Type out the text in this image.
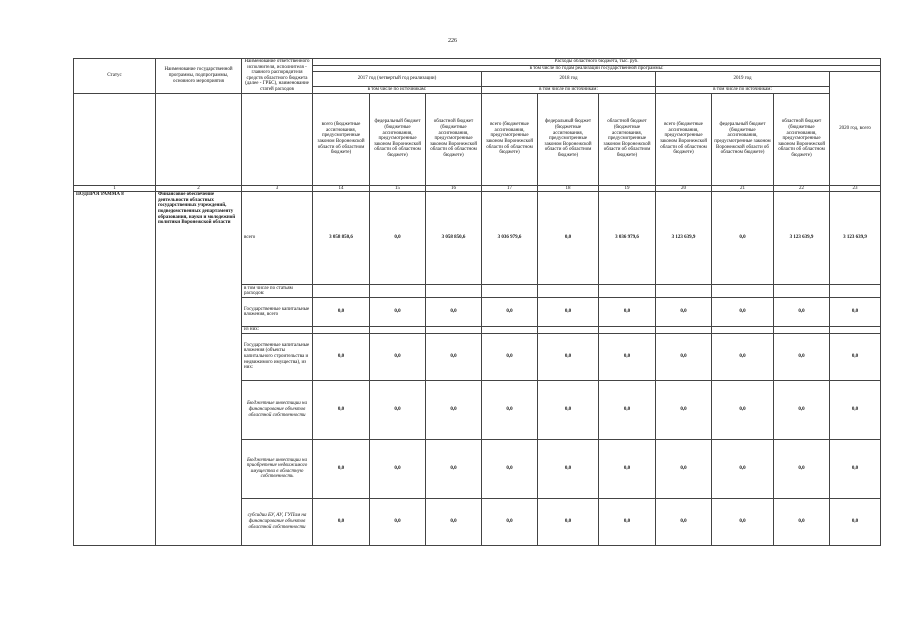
226
Статус	Наименование государственной программы, подпрограммы, основного мероприятия	Наименование ответственного исполнителя, исполнителя - главного распорядителя средств областного бюджета (далее - ГРБС), наименование статей расходов	Расходы областного бюджета, тыс. руб.									
			в том числе по годам реализации государственной программы:									
			2017 год (четвертый год реализации)			2018 год			2019 год			2020 год, всего
			в том числе по источникам:			в том числе по источникам:			в том числе по источникам:			
			всего (бюджетные ассигнования, предусмотренные законом Воронежской области об областном бюджете)	федеральный бюджет (бюджетные ассигнования, предусмотренные законом Воронежской области об областном бюджете)	областной бюджет (бюджетные ассигнования, предусмотренные законом Воронежской области об областном бюджете)	всего (бюджетные ассигнования, предусмотренные законом Воронежской области об областном бюджете)	федеральный бюджет (бюджетные ассигнования, предусмотренные законом Воронежской области об областном бюджете)	областной бюджет (бюджетные ассигнования, предусмотренные законом Воронежской области об областном бюджете)	всего (бюджетные ассигнования, предусмотренные законом Воронежской области об областном бюджете)	федеральный бюджет (бюджетные ассигнования, предусмотренные законом Воронежской области об областном бюджете)	областной бюджет (бюджетные ассигнования, предусмотренные законом Воронежской области об областном бюджете)	
1	2	3	14	15	16	17	18	19	20	21	22	23
ПОДПРОГРАММА 8	Финансовое обеспечение деятельности областных государственных учреждений, подведомственных департаменту образования, науки и молодежной политики Воронежской области	всего	3 058 850,6	0,0	3 058 850,6	3 036 979,6	0,0	3 036 979,6	3 123 639,9	0,0	3 123 639,9	3 123 639,9
		в том числе по статьям расходов:										
		Государственные капитальные вложения, всего	0,0	0,0	0,0	0,0	0,0	0,0	0,0	0,0	0,0	0,0
		из них:										
		Государственные капитальные вложения (объекты капитального строительства и недвижимого имущества), из них:	0,0	0,0	0,0	0,0	0,0	0,0	0,0	0,0	0,0	0,0
		Бюджетные инвестиции на финансирование объектов областной собственности	0,0	0,0	0,0	0,0	0,0	0,0	0,0	0,0	0,0	0,0
		Бюджетные инвестиции на приобретение недвижимого имущества в областную собственность	0,0	0,0	0,0	0,0	0,0	0,0	0,0	0,0	0,0	0,0
		субсидии БУ, АУ, ГУПам на финансирование объектов областной собственности	0,0	0,0	0,0	0,0	0,0	0,0	0,0	0,0	0,0	0,0
